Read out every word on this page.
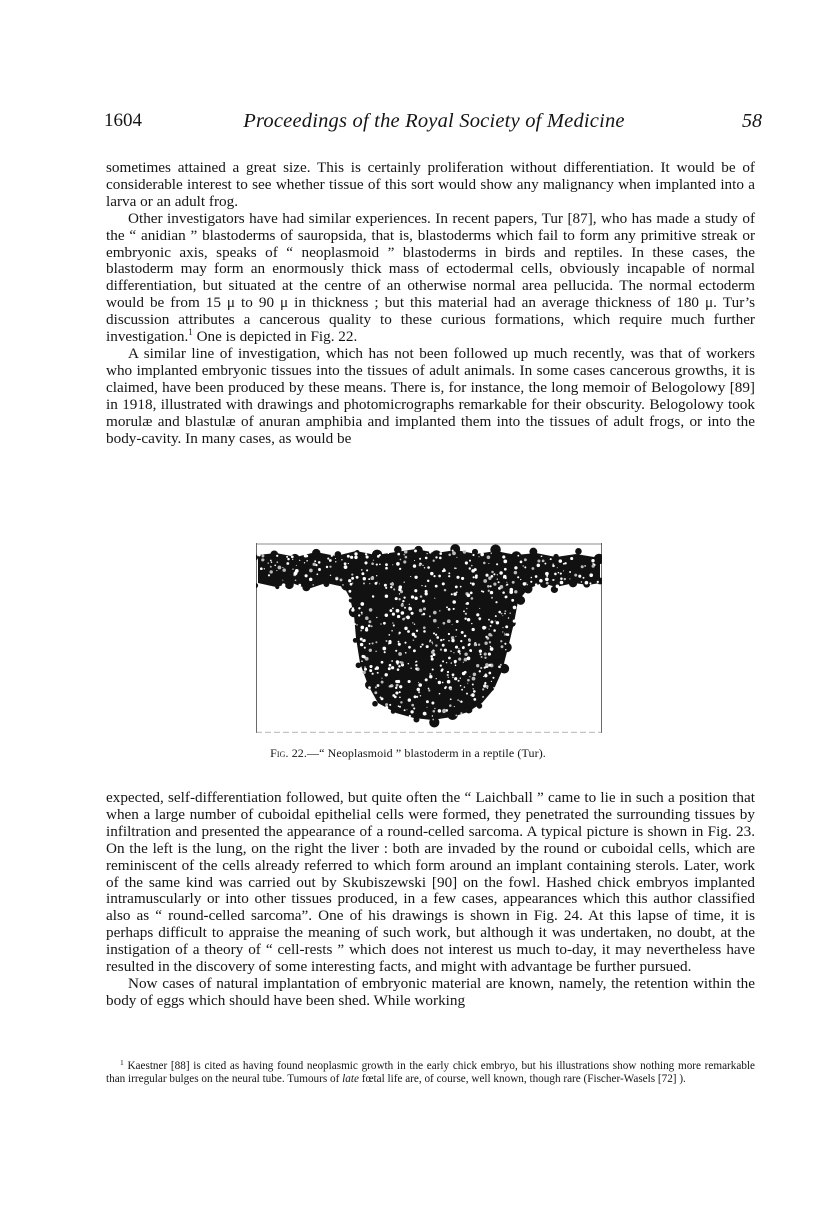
1604	Proceedings of the Royal Society of Medicine	58

sometimes attained a great size. This is certainly proliferation without differentiation. It would be of considerable interest to see whether tissue of this sort would show any malignancy when implanted into a larva or an adult frog.

Other investigators have had similar experiences. In recent papers, Tur [87], who has made a study of the “ anidian ” blastoderms of sauropsida, that is, blastoderms which fail to form any primitive streak or embryonic axis, speaks of “ neoplasmoid ” blastoderms in birds and reptiles. In these cases, the blastoderm may form an enormously thick mass of ectodermal cells, obviously incapable of normal differentiation, but situated at the centre of an otherwise normal area pellucida. The normal ectoderm would be from 15 μ to 90 μ in thickness ; but this material had an average thickness of 180 μ. Tur’s discussion attributes a cancerous quality to these curious formations, which require much further investigation.$^1$ One is depicted in Fig. 22.

A similar line of investigation, which has not been followed up much recently, was that of workers who implanted embryonic tissues into the tissues of adult animals. In some cases cancerous growths, it is claimed, have been produced by these means. There is, for instance, the long memoir of Belogolowy [89] in 1918, illustrated with drawings and photomicrographs remarkable for their obscurity. Belogolowy took morulæ and blastulæ of anuran amphibia and implanted them into the tissues of adult frogs, or into the body-cavity. In many cases, as would be

Fig. 22.—“ Neoplasmoid ” blastoderm in a reptile (Tur).

expected, self-differentiation followed, but quite often the “ Laichball ” came to lie in such a position that when a large number of cuboidal epithelial cells were formed, they penetrated the surrounding tissues by infiltration and presented the appearance of a round-celled sarcoma. A typical picture is shown in Fig. 23. On the left is the lung, on the right the liver : both are invaded by the round or cuboidal cells, which are reminiscent of the cells already referred to which form around an implant containing sterols. Later, work of the same kind was carried out by Skubiszewski [90] on the fowl. Hashed chick embryos implanted intramuscularly or into other tissues produced, in a few cases, appearances which this author classified also as “ round-celled sarcoma”. One of his drawings is shown in Fig. 24. At this lapse of time, it is perhaps difficult to appraise the meaning of such work, but although it was undertaken, no doubt, at the instigation of a theory of “ cell-rests ” which does not interest us much to-day, it may nevertheless have resulted in the discovery of some interesting facts, and might with advantage be further pursued.

Now cases of natural implantation of embryonic material are known, namely, the retention within the body of eggs which should have been shed. While working

$^1$ Kaestner [88] is cited as having found neoplasmic growth in the early chick embryo, but his illustrations show nothing more remarkable than irregular bulges on the neural tube. Tumours of late fœtal life are, of course, well known, though rare (Fischer-Wasels [72] ).
